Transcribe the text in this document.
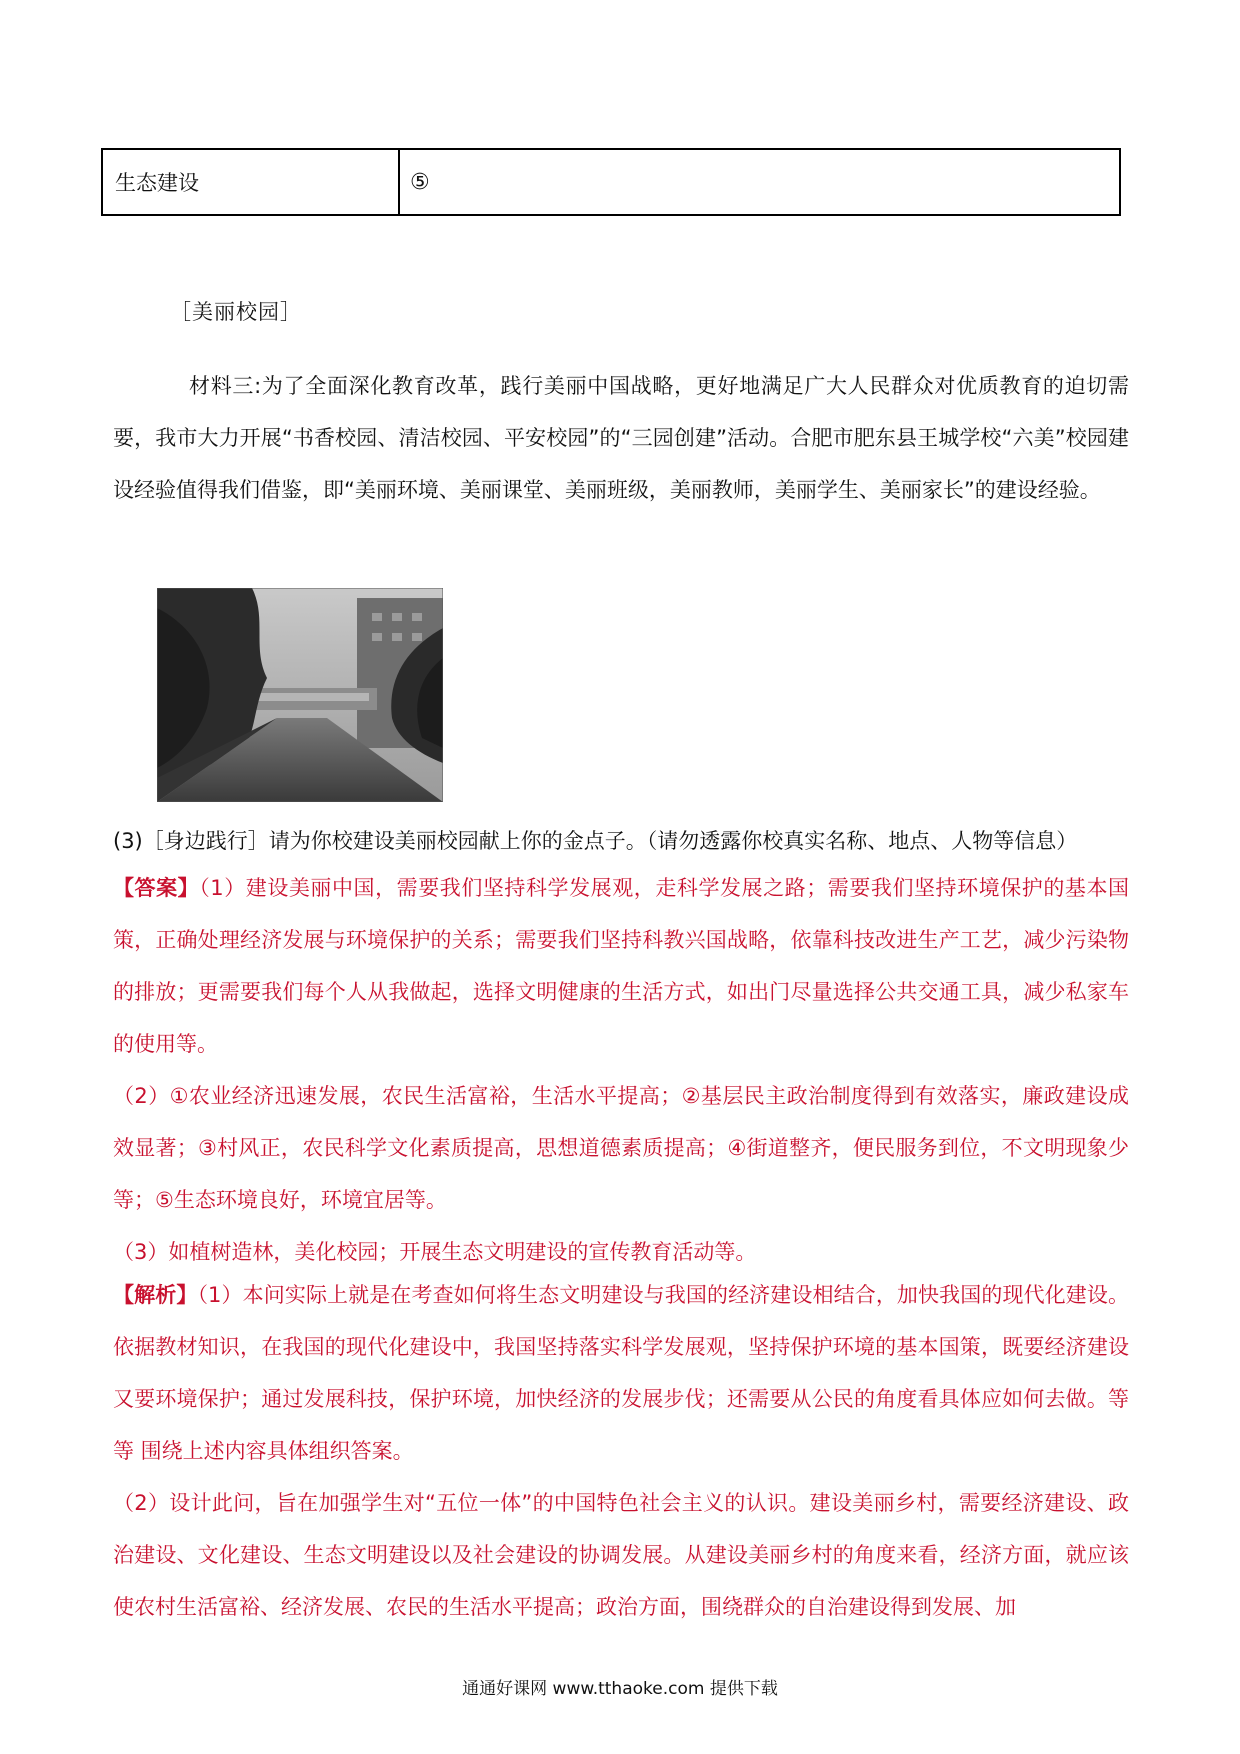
生态建设	⑤
［美丽校园］
材料三:为了全面深化教育改革，践行美丽中国战略，更好地满足广大人民群众对优质教育的迫切需要，我市大力开展“书香校园、清洁校园、平安校园”的“三园创建”活动。合肥市肥东县王城学校“六美”校园建设经验值得我们借鉴，即“美丽环境、美丽课堂、美丽班级，美丽教师，美丽学生、美丽家长”的建设经验。
(3)［身边践行］请为你校建设美丽校园献上你的金点子。（请勿透露你校真实名称、地点、人物等信息）
【答案】（1）建设美丽中国，需要我们坚持科学发展观，走科学发展之路；需要我们坚持环境保护的基本国策，正确处理经济发展与环境保护的关系；需要我们坚持科教兴国战略，依靠科技改进生产工艺，减少污染物的排放；更需要我们每个人从我做起，选择文明健康的生活方式，如出门尽量选择公共交通工具，减少私家车的使用等。
（2）①农业经济迅速发展，农民生活富裕，生活水平提高；②基层民主政治制度得到有效落实，廉政建设成效显著；③村风正，农民科学文化素质提高，思想道德素质提高；④街道整齐，便民服务到位，不文明现象少等；⑤生态环境良好，环境宜居等。
（3）如植树造林，美化校园；开展生态文明建设的宣传教育活动等。
【解析】（1）本问实际上就是在考查如何将生态文明建设与我国的经济建设相结合，加快我国的现代化建设。依据教材知识，在我国的现代化建设中，我国坚持落实科学发展观，坚持保护环境的基本国策，既要经济建设又要环境保护；通过发展科技，保护环境，加快经济的发展步伐；还需要从公民的角度看具体应如何去做。等等 围绕上述内容具体组织答案。
（2）设计此问，旨在加强学生对“五位一体”的中国特色社会主义的认识。建设美丽乡村，需要经济建设、政治建设、文化建设、生态文明建设以及社会建设的协调发展。从建设美丽乡村的角度来看，经济方面，就应该使农村生活富裕、经济发展、农民的生活水平提高；政治方面，围绕群众的自治建设得到发展、加
通通好课网 www.tthaoke.com 提供下载
